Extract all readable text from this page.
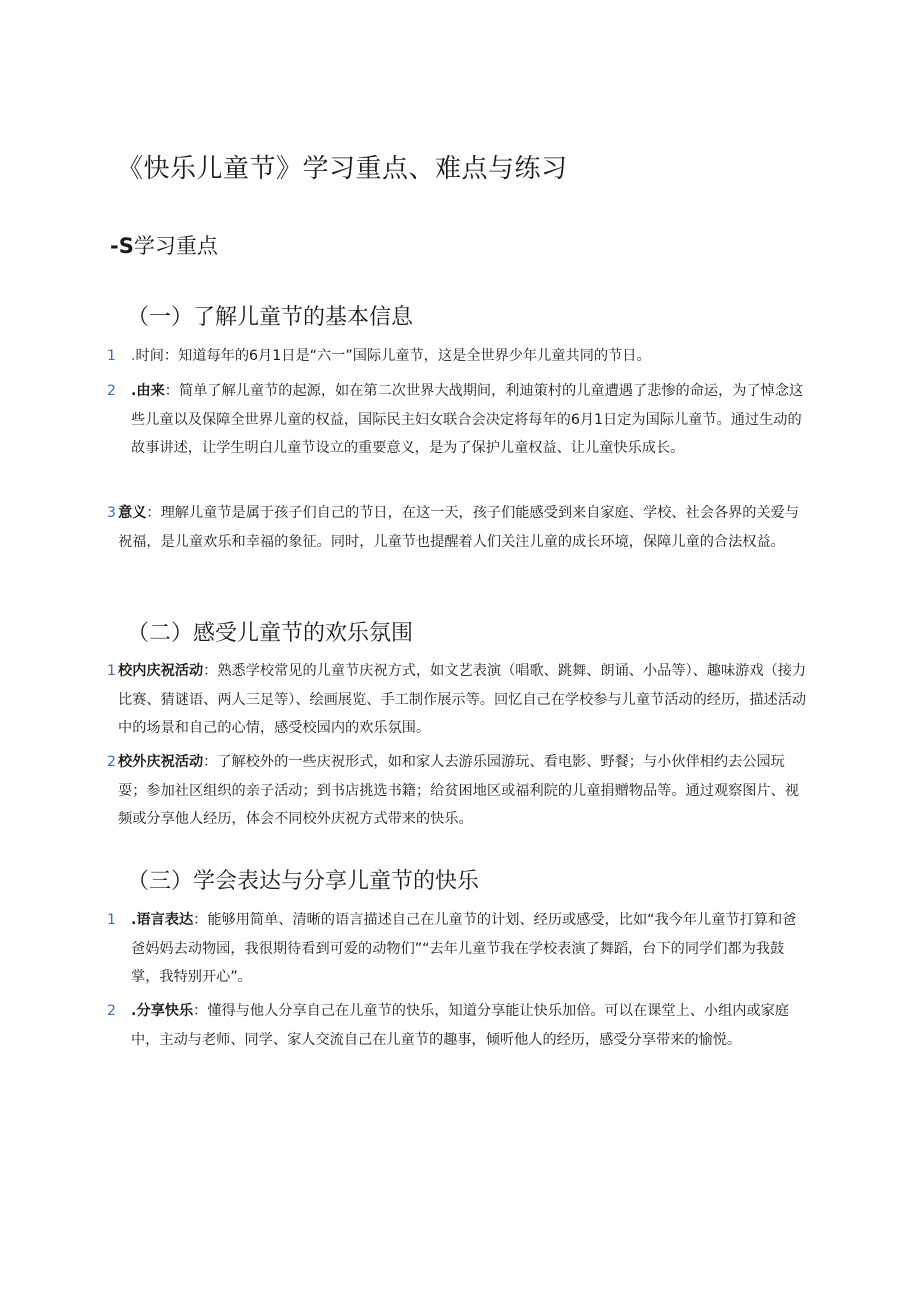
《快乐儿童节》学习重点、难点与练习
-S学习重点
（一）了解儿童节的基本信息
1 .时间：知道每年的6月1日是“六一”国际儿童节，这是全世界少年儿童共同的节日。
2 .由来：简单了解儿童节的起源，如在第二次世界大战期间，利迪策村的儿童遭遇了悲惨的命运，为了悼念这些儿童以及保障全世界儿童的权益，国际民主妇女联合会决定将每年的6月1日定为国际儿童节。通过生动的故事讲述，让学生明白儿童节设立的重要意义，是为了保护儿童权益、让儿童快乐成长。
3 意义：理解儿童节是属于孩子们自己的节日，在这一天，孩子们能感受到来自家庭、学校、社会各界的关爱与祝福，是儿童欢乐和幸福的象征。同时，儿童节也提醒着人们关注儿童的成长环境，保障儿童的合法权益。
（二）感受儿童节的欢乐氛围
1 校内庆祝活动：熟悉学校常见的儿童节庆祝方式，如文艺表演（唱歌、跳舞、朗诵、小品等）、趣味游戏（接力比赛、猜谜语、两人三足等）、绘画展览、手工制作展示等。回忆自己在学校参与儿童节活动的经历，描述活动中的场景和自己的心情，感受校园内的欢乐氛围。
2 校外庆祝活动：了解校外的一些庆祝形式，如和家人去游乐园游玩、看电影、野餐；与小伙伴相约去公园玩耍；参加社区组织的亲子活动；到书店挑选书籍；给贫困地区或福利院的儿童捐赠物品等。通过观察图片、视频或分享他人经历，体会不同校外庆祝方式带来的快乐。
（三）学会表达与分享儿童节的快乐
1 .语言表达：能够用简单、清晰的语言描述自己在儿童节的计划、经历或感受，比如“我今年儿童节打算和爸爸妈妈去动物园，我很期待看到可爱的动物们”“去年儿童节我在学校表演了舞蹈，台下的同学们都为我鼓掌，我特别开心”。
2 .分享快乐：懂得与他人分享自己在儿童节的快乐，知道分享能让快乐加倍。可以在课堂上、小组内或家庭中，主动与老师、同学、家人交流自己在儿童节的趣事，倾听他人的经历，感受分享带来的愉悦。
